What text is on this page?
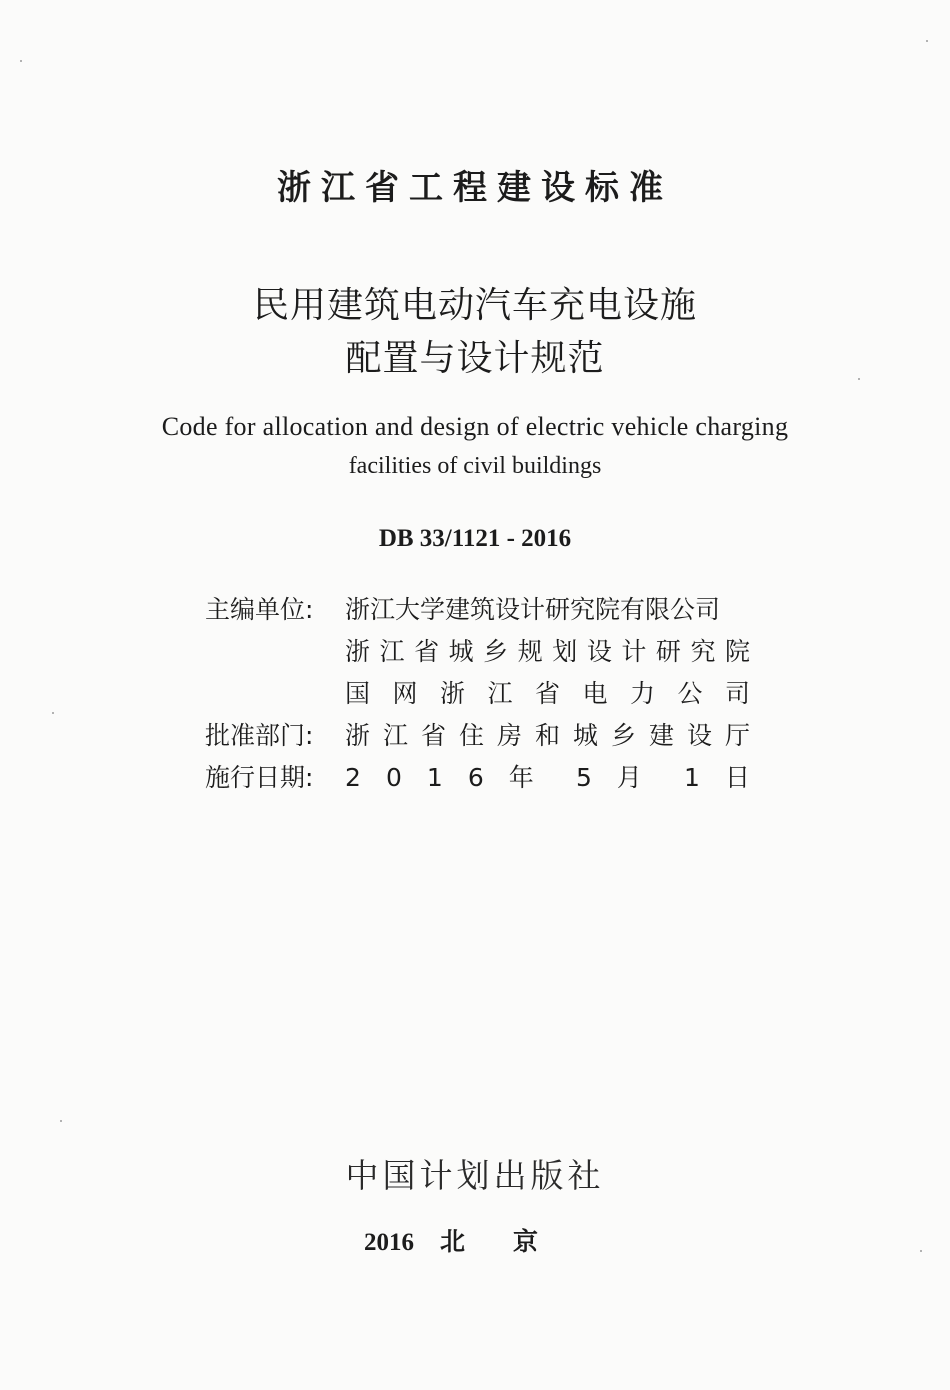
浙江省工程建设标准
民用建筑电动汽车充电设施
配置与设计规范
Code for allocation and design of electric vehicle charging
facilities of civil buildings
DB 33/1121 - 2016
主编单位:	浙江大学建筑设计研究院有限公司
浙 江 省 城 乡 规 划 设 计 研 究 院
国 网 浙 江 省 电 力 公 司
批准部门:	浙 江 省 住 房 和 城 乡 建 设 厅
施行日期:	2 0 1 6 年 5 月 1 日
中国计划出版社
2016 北京
